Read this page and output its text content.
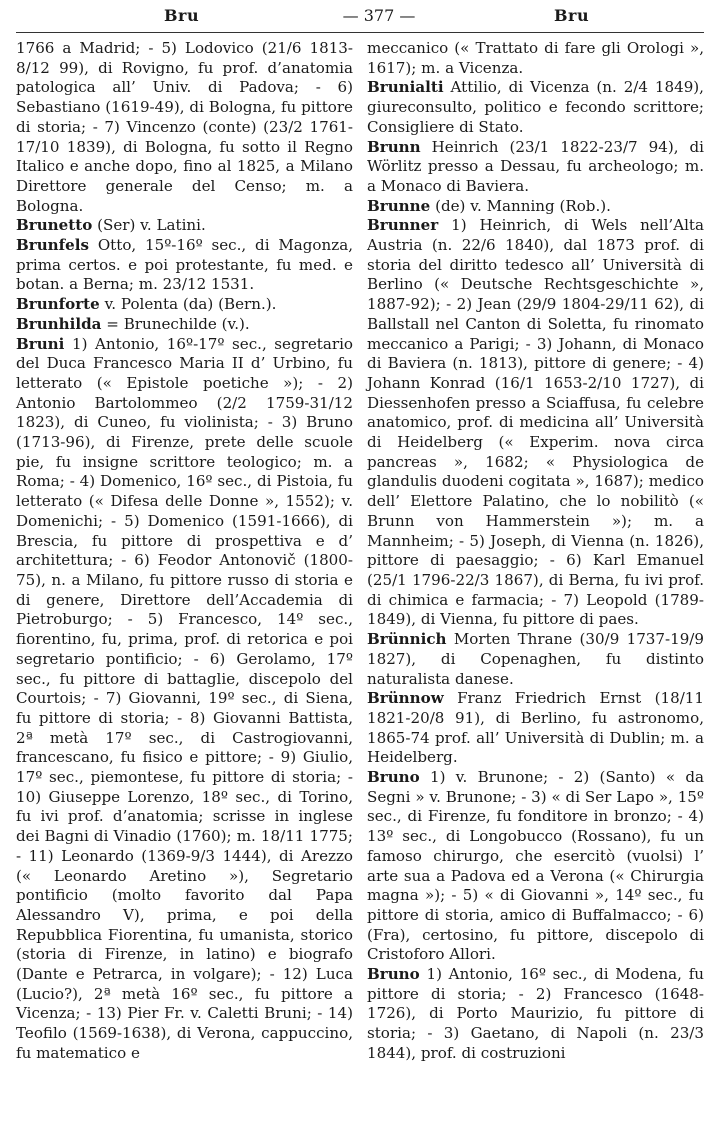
Bru	— 377 —	Bru

1766 a Madrid; - 5) Lodovico (21/6 1813-8/12 99), di Rovigno, fu prof. d’anatomia patologica all’ Univ. di Padova; - 6) Sebastiano (1619-49), di Bologna, fu pittore di storia; - 7) Vincenzo (conte) (23/2 1761-17/10 1839), di Bologna, fu sotto il Regno Italico e anche dopo, fino al 1825, a Milano Direttore generale del Censo; m. a Bologna.

Brunetto (Ser) v. Latini.

Brunfels Otto, 15º-16º sec., di Magonza, prima certos. e poi protestante, fu med. e botan. a Berna; m. 23/12 1531.

Brunforte v. Polenta (da) (Bern.).

Brunhilda = Brunechilde (v.).

Bruni 1) Antonio, 16º-17º sec., segretario del Duca Francesco Maria II d’ Urbino, fu letterato (« Epistole poetiche »); - 2) Antonio Bartolommeo (2/2 1759-31/12 1823), di Cuneo, fu violinista; - 3) Bruno (1713-96), di Firenze, prete delle scuole pie, fu insigne scrittore teologico; m. a Roma; - 4) Domenico, 16º sec., di Pistoia, fu letterato (« Difesa delle Donne », 1552); v. Domenichi; - 5) Domenico (1591-1666), di Brescia, fu pittore di prospettiva e d’ architettura; - 6) Feodor Antonovič (1800-75), n. a Milano, fu pittore russo di storia e di genere, Direttore dell’Accademia di Pietroburgo; - 5) Francesco, 14º sec., fiorentino, fu, prima, prof. di retorica e poi segretario pontificio; - 6) Gerolamo, 17º sec., fu pittore di battaglie, discepolo del Courtois; - 7) Giovanni, 19º sec., di Siena, fu pittore di storia; - 8) Giovanni Battista, 2ª metà 17º sec., di Castrogiovanni, francescano, fu fisico e pittore; - 9) Giulio, 17º sec., piemontese, fu pittore di storia; - 10) Giuseppe Lorenzo, 18º sec., di Torino, fu ivi prof. d’anatomia; scrisse in inglese dei Bagni di Vinadio (1760); m. 18/11 1775; - 11) Leonardo (1369-9/3 1444), di Arezzo (« Leonardo Aretino »), Segretario pontificio (molto favorito dal Papa Alessandro V), prima, e poi della Repubblica Fiorentina, fu umanista, storico (storia di Firenze, in latino) e biografo (Dante e Petrarca, in volgare); - 12) Luca (Lucio?), 2ª metà 16º sec., fu pittore a Vicenza; - 13) Pier Fr. v. Caletti Bruni; - 14) Teofilo (1569-1638), di Verona, cappuccino, fu matematico e

meccanico (« Trattato di fare gli Orologi », 1617); m. a Vicenza.

Brunialti Attilio, di Vicenza (n. 2/4 1849), giureconsulto, politico e fecondo scrittore; Consigliere di Stato.

Brunn Heinrich (23/1 1822-23/7 94), di Wörlitz presso a Dessau, fu archeologo; m. a Monaco di Baviera.

Brunne (de) v. Manning (Rob.).

Brunner 1) Heinrich, di Wels nell’Alta Austria (n. 22/6 1840), dal 1873 prof. di storia del diritto tedesco all’ Università di Berlino (« Deutsche Rechtsgeschichte », 1887-92); - 2) Jean (29/9 1804-29/11 62), di Ballstall nel Canton di Soletta, fu rinomato meccanico a Parigi; - 3) Johann, di Monaco di Baviera (n. 1813), pittore di genere; - 4) Johann Konrad (16/1 1653-2/10 1727), di Diessenhofen presso a Sciaffusa, fu celebre anatomico, prof. di medicina all’ Università di Heidelberg (« Experim. nova circa pancreas », 1682; « Physiologica de glandulis duodeni cogitata », 1687); medico dell’ Elettore Palatino, che lo nobilitò (« Brunn von Hammerstein »); m. a Mannheim; - 5) Joseph, di Vienna (n. 1826), pittore di paesaggio; - 6) Karl Emanuel (25/1 1796-22/3 1867), di Berna, fu ivi prof. di chimica e farmacia; - 7) Leopold (1789-1849), di Vienna, fu pittore di paes.

Brünnich Morten Thrane (30/9 1737-19/9 1827), di Copenaghen, fu distinto naturalista danese.

Brünnow Franz Friedrich Ernst (18/11 1821-20/8 91), di Berlino, fu astronomo, 1865-74 prof. all’ Università di Dublin; m. a Heidelberg.

Bruno 1) v. Brunone; - 2) (Santo) « da Segni » v. Brunone; - 3) « di Ser Lapo », 15º sec., di Firenze, fu fonditore in bronzo; - 4) 13º sec., di Longobucco (Rossano), fu un famoso chirurgo, che esercitò (vuolsi) l’ arte sua a Padova ed a Verona (« Chirurgia magna »); - 5) « di Giovanni », 14º sec., fu pittore di storia, amico di Buffalmacco; - 6) (Fra), certosino, fu pittore, discepolo di Cristoforo Allori.

Bruno 1) Antonio, 16º sec., di Modena, fu pittore di storia; - 2) Francesco (1648-1726), di Porto Maurizio, fu pittore di storia; - 3) Gaetano, di Napoli (n. 23/3 1844), prof. di costruzioni
